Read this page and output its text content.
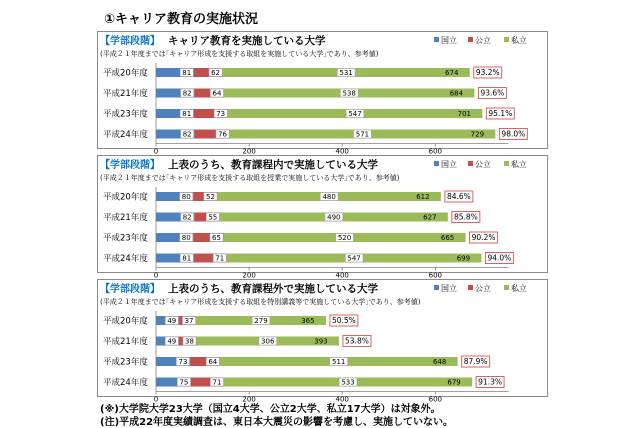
①キャリア教育の実施状況
【学部段階】 キャリア教育を実施している大学
(平成２１年度までは｢キャリア形成を支援する取組を実施している大学｣であり、参考値)
国立 公立	私立
0	200	400	600
平成20年度	81	62	531	674 93.2%
平成21年度	82	64	538	684 93.6%
平成23年度	81	73	547	701 95.1%
平成24年度	82	76	571	729 98.0%
【学部段階】 上表のうち、教育課程内で実施している大学
(平成２１年度までは｢キャリア形成を支援する取組を授業で実施している大学｣であり、参考値)
国立 公立	私立
0	200	400	600
平成20年度	80 52	480	612 84.6%
平成21年度	82 55	490	627 85.8%
平成23年度	80	65	520	665 90.2%
平成24年度	81	71	547	699 94.0%
【学部段階】 上表のうち、教育課程外で実施している大学
(平成２１年度までは｢キャリア形成を支援する取組を特別講義等で実施している大学｣であり、参考値)
国立 公立	私立
0	200	400	600
平成20年度	49 37	279	365 50.5%
平成21年度	49 38	306	393 53.8%
平成23年度	73	64	511	648 87.9%
平成24年度	75	71	533	679 91.3%

(※)大学院大学23大学（国立4大学、公立2大学、私立17大学）は対象外。

(注)平成22年度実績調査は、東日本大震災の影響を考慮し、実施していない。
